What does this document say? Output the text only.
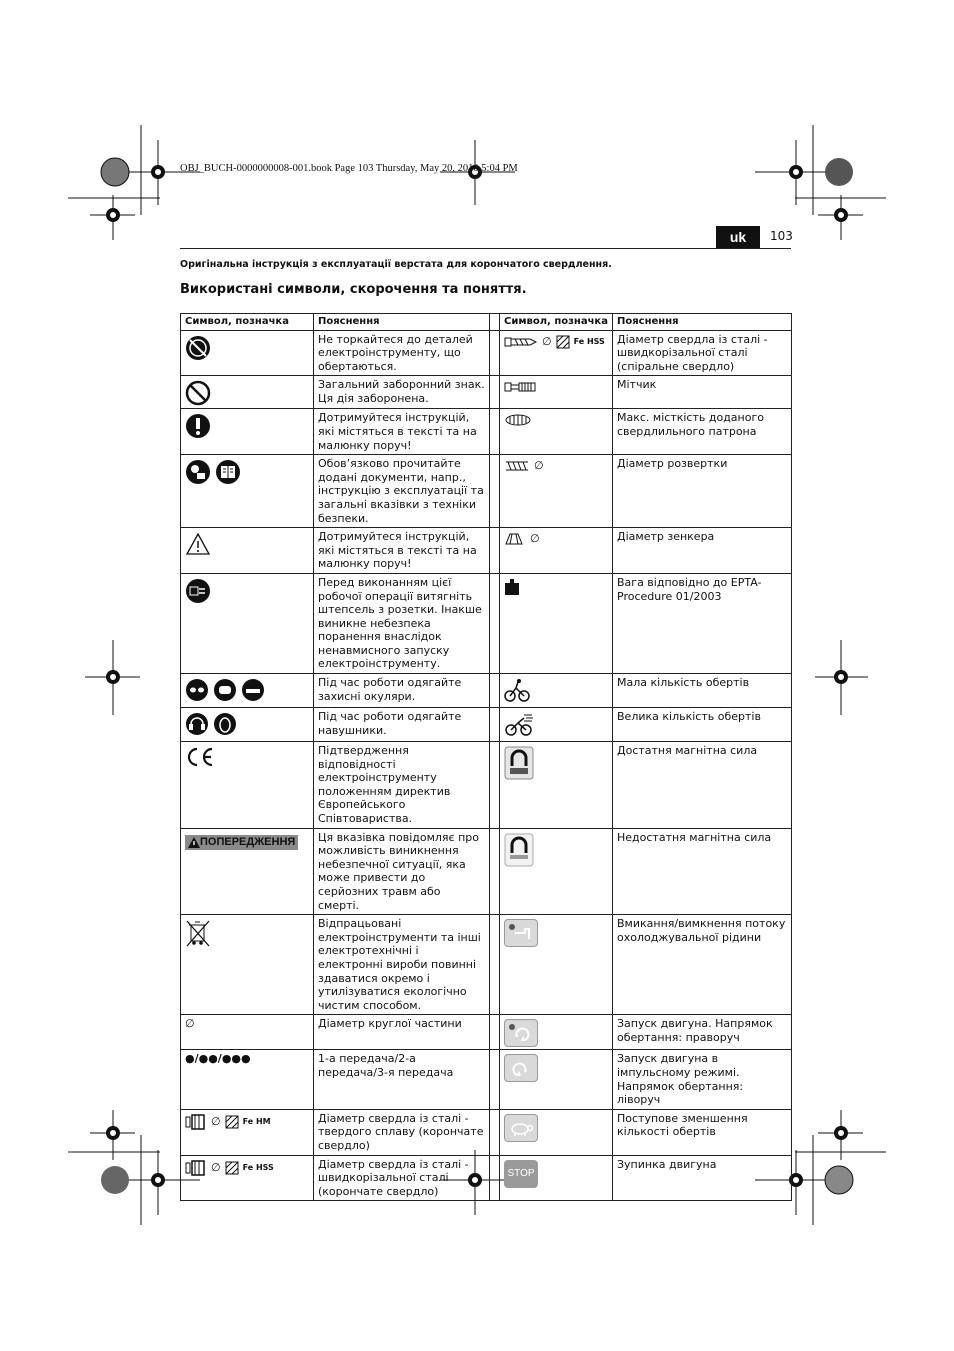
OBJ_BUCH-0000000008-001.book Page 103 Thursday, May 20, 2010 5:04 PM
uk	103
Оригінальна інструкція з експлуатації верстата для корончатого свердлення.
Використані символи, скорочення та поняття.
Символ, позначка	Пояснення		Символ, позначка	Пояснення

	Не торкайтеся до деталей електроінструменту, що обертаються.		∅ Fe HSS	Діаметр свердла із сталі - швидкорізальної сталі (спіральне свердло)

	Загальний заборонний знак. Ця дія заборонена.			Мітчик

	Дотримуйтеся інструкцій, які містяться в тексті та на малюнку поруч!			Макс. місткість доданого свердлильного патрона

	Обов’язково прочитайте додані документи, напр., інструкцію з експлуатації та загальні вказівки з техніки безпеки.		∅	Діаметр розвертки

	Дотримуйтеся інструкцій, які містяться в тексті та на малюнку поруч!		∅	Діаметр зенкера

	Перед виконанням цієї робочої операції витягніть штепсель з розетки. Інакше виникне небезпека поранення внаслідок ненавмисного запуску електроінструменту.			Вага відповідно до EPTA-Procedure 01/2003

	Під час роботи одягайте захисні окуляри.			Мала кількість обертів

	Під час роботи одягайте навушники.			Велика кількість обертів

	Підтвердження відповідності електроінструменту положенням директив Європейського Співтовариства.			Достатня магнітна сила

ПОПЕРЕДЖЕННЯ	Ця вказівка повідомляє про можливість виникнення небезпечної ситуації, яка може привести до серйозних травм або смерті.			Недостатня магнітна сила

	Відпрацьовані електроінструменти та інші електротехнічні і електронні вироби повинні здаватися окремо і утилізуватися екологічно чистим способом.			Вмикання/вимкнення потоку охолоджувальної рідини
∅	Діаметр круглої частини			Запуск двигуна. Напрямок обертання: праворуч
●/●●/●●●	1-а передача/2-а передача/3-я передача			Запуск двигуна в імпульсному режимі. Напрямок обертання: ліворуч

∅ Fe HM	Діаметр свердла із сталі - твердого сплаву (корончате свердло)			Поступове зменшення кількості обертів

∅ Fe HSS	Діаметр свердла із сталі - швидкорізальної сталі (корончате свердло)		STOP	Зупинка двигуна
